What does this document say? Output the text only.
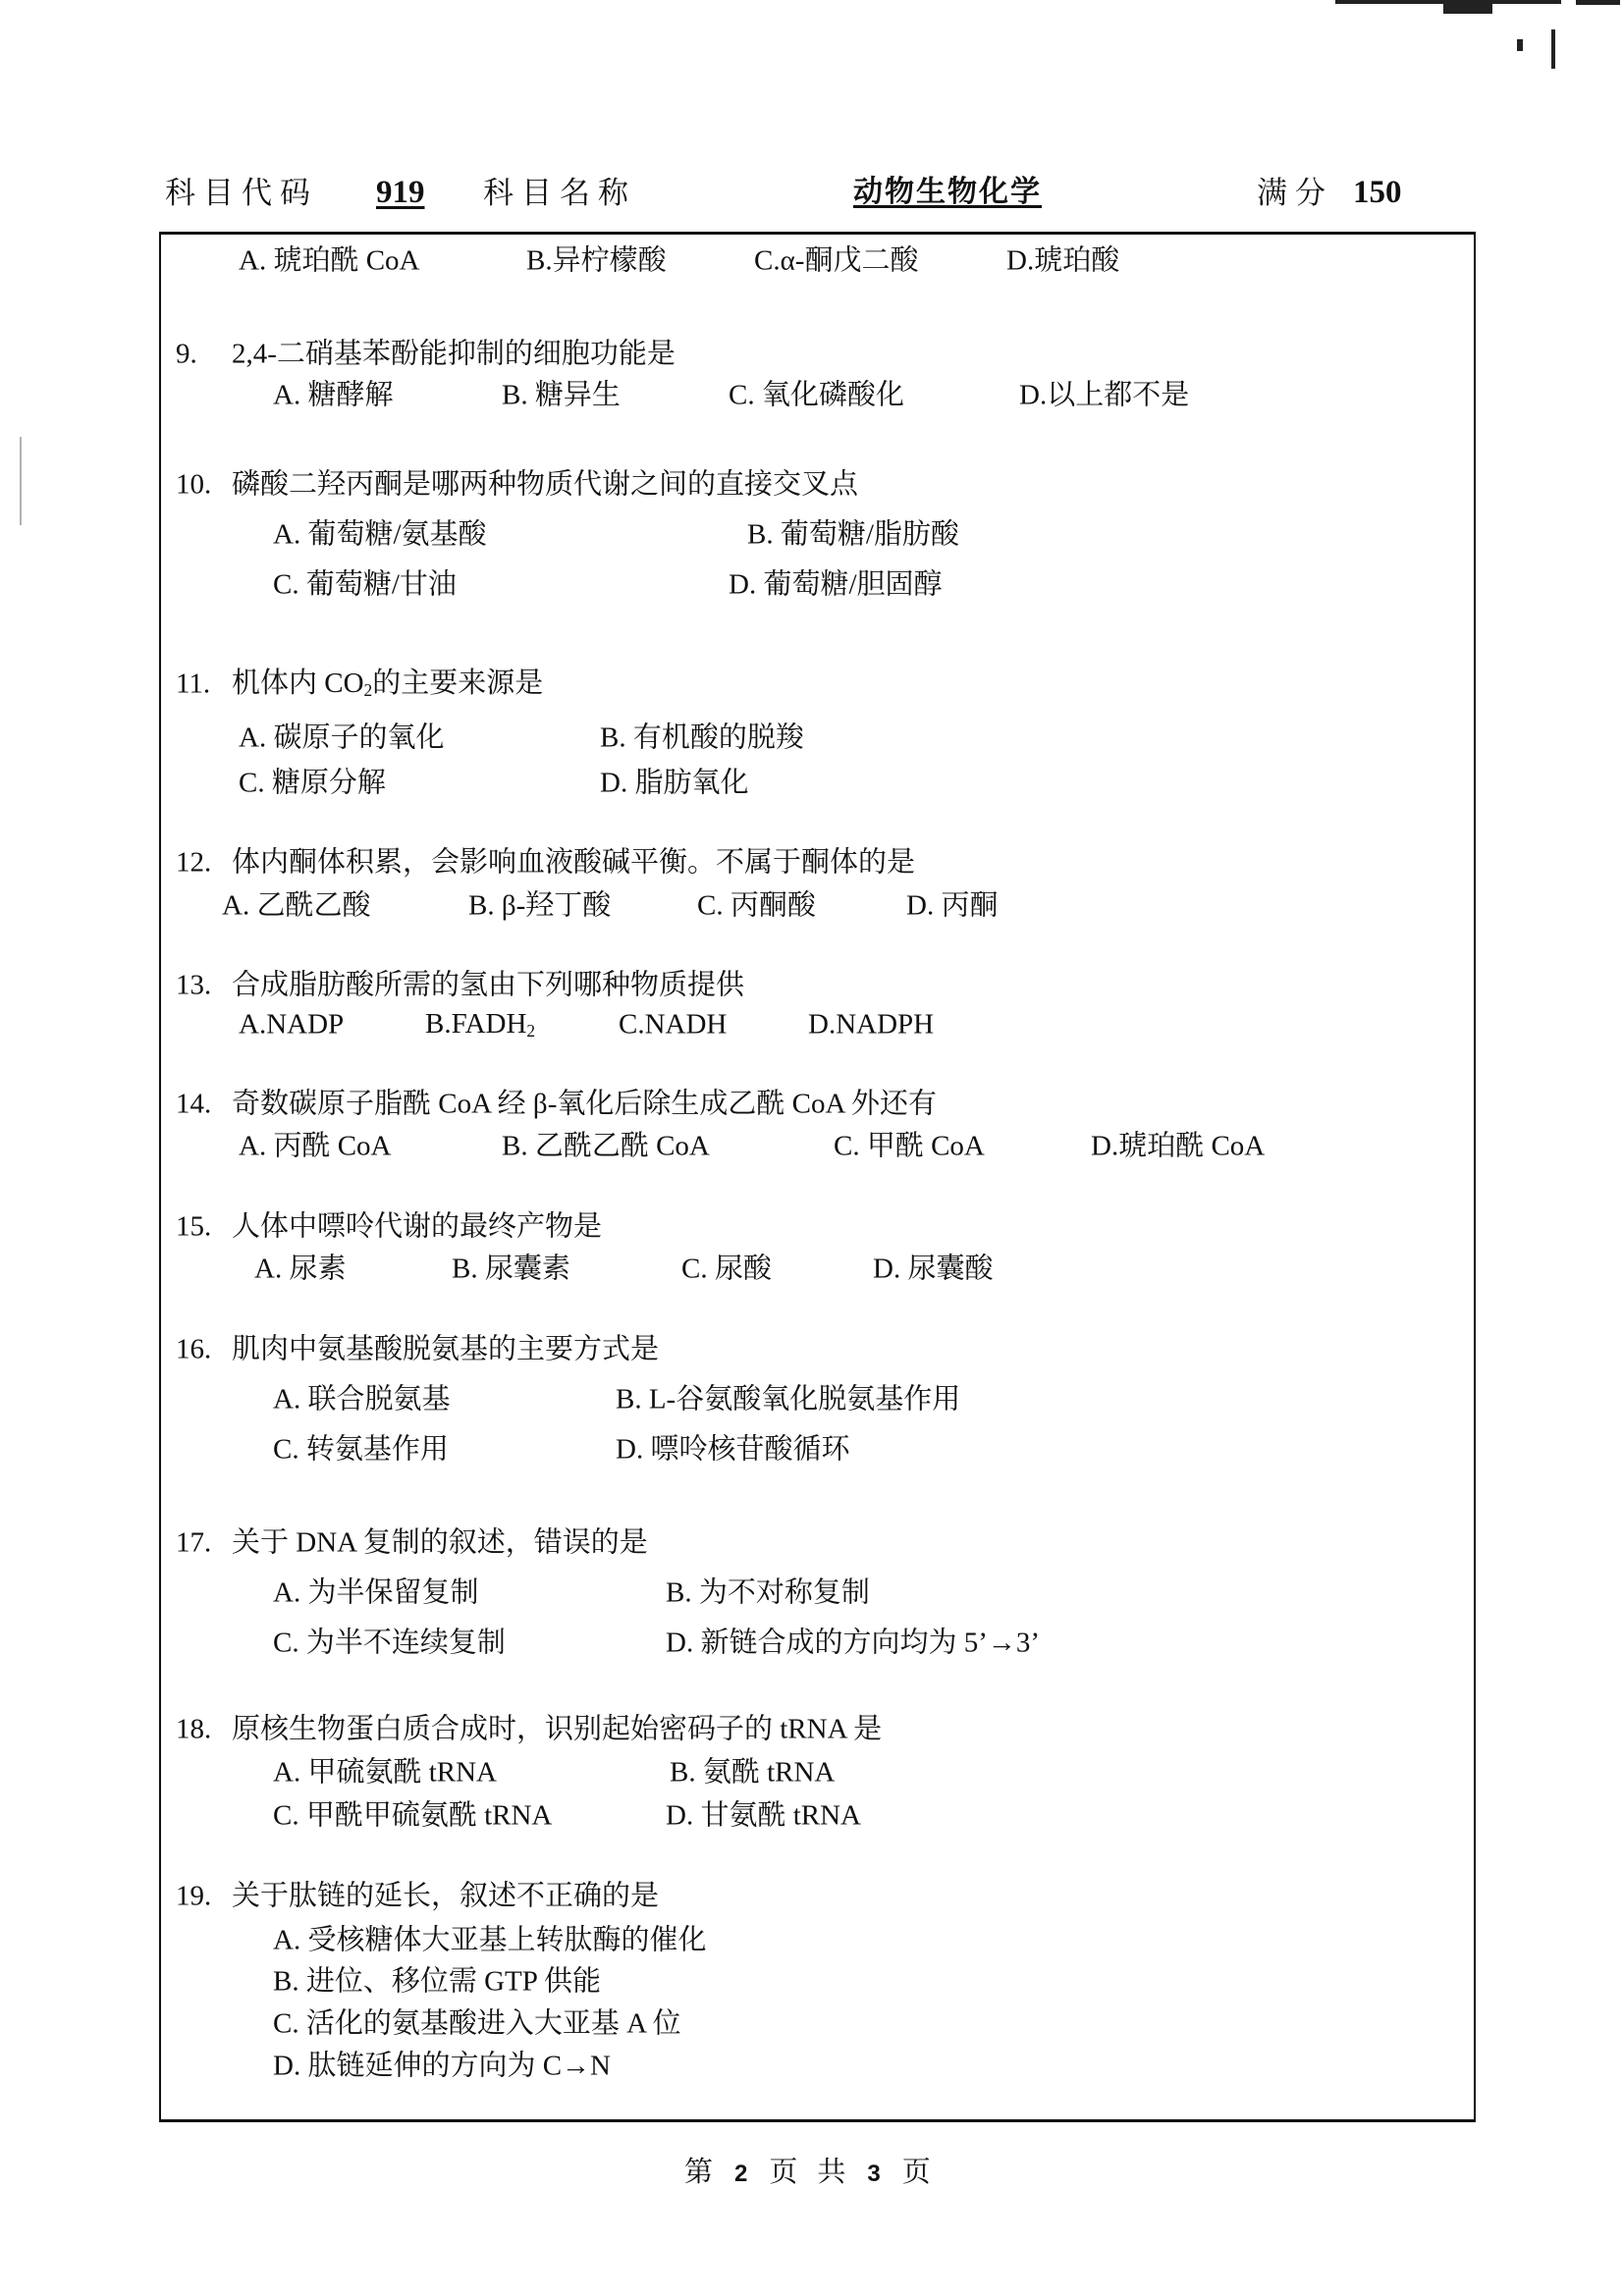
科目代码 919 科目名称	动物生物化学	满分 150
A. 琥珀酰 CoA	B.异柠檬酸	C.α-酮戊二酸	D.琥珀酸
9. 2,4-二硝基苯酚能抑制的细胞功能是
A. 糖酵解	B. 糖异生	C. 氧化磷酸化	D.以上都不是
10. 磷酸二羟丙酮是哪两种物质代谢之间的直接交叉点
A. 葡萄糖/氨基酸	B. 葡萄糖/脂肪酸
C. 葡萄糖/甘油	D. 葡萄糖/胆固醇
11. 机体内 $CO_2$的主要来源是
A. 碳原子的氧化	B. 有机酸的脱羧
C. 糖原分解	D. 脂肪氧化
12. 体内酮体积累，会影响血液酸碱平衡。不属于酮体的是
A. 乙酰乙酸	B. β-羟丁酸	C. 丙酮酸	D. 丙酮
13. 合成脂肪酸所需的氢由下列哪种物质提供
A.NADP	$B.FADH_2$	C.NADH	D.NADPH
14. 奇数碳原子脂酰 CoA 经 β-氧化后除生成乙酰 CoA 外还有
A. 丙酰 CoA	B. 乙酰乙酰 CoA	C. 甲酰 CoA	D.琥珀酰 CoA
15. 人体中嘌呤代谢的最终产物是
A. 尿素	B. 尿囊素	C. 尿酸	D. 尿囊酸
16. 肌肉中氨基酸脱氨基的主要方式是
A. 联合脱氨基	B. L-谷氨酸氧化脱氨基作用
C. 转氨基作用	D. 嘌呤核苷酸循环
17. 关于 DNA 复制的叙述，错误的是
A. 为半保留复制	B. 为不对称复制
C. 为半不连续复制	D. 新链合成的方向均为 5’→3’
18. 原核生物蛋白质合成时，识别起始密码子的 tRNA 是
A. 甲硫氨酰 tRNA	B. 氨酰 tRNA
C. 甲酰甲硫氨酰 tRNA	D. 甘氨酰 tRNA
19. 关于肽链的延长，叙述不正确的是
A. 受核糖体大亚基上转肽酶的催化
B. 进位、移位需 GTP 供能
C. 活化的氨基酸进入大亚基 A 位
D. 肽链延伸的方向为 C→N
第 2 页共3 页
